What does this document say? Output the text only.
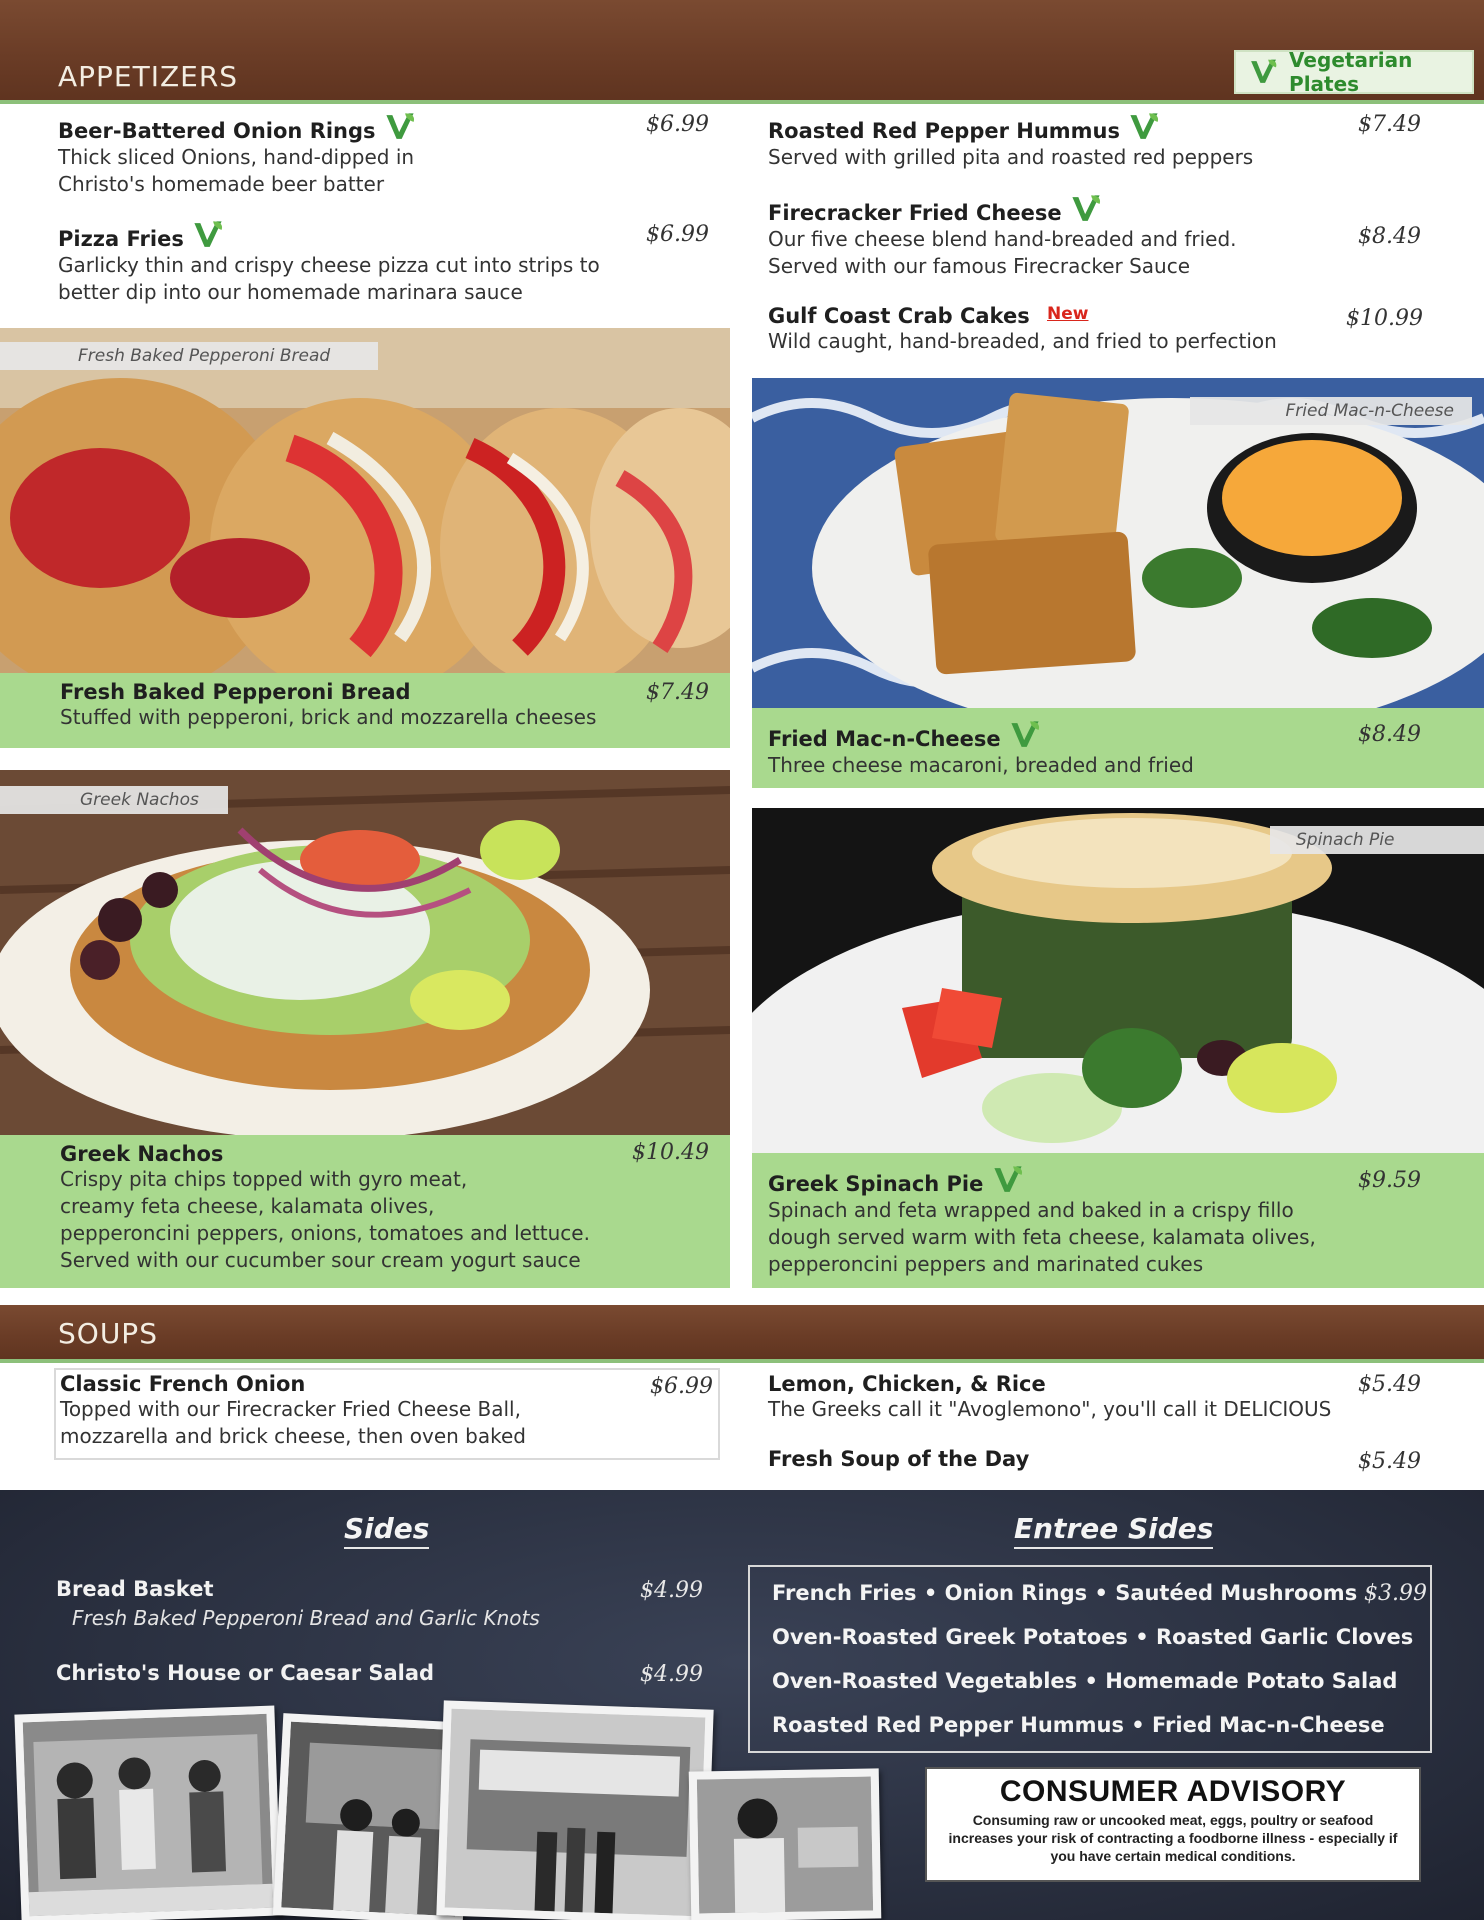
APPETIZERS	Vegetarian Plates
Beer-Battered Onion Rings
Thick sliced Onions, hand-dipped in Christo's homemade beer batter
$6.99
Pizza Fries
Garlicky thin and crispy cheese pizza cut into strips to better dip into our homemade marinara sauce
$6.99
Roasted Red Pepper Hummus
Served with grilled pita and roasted red peppers
$7.49
Firecracker Fried Cheese
Our five cheese blend hand-breaded and fried. Served with our famous Firecracker Sauce
$8.49
Gulf Coast Crab Cakes New
Wild caught, hand-breaded, and fried to perfection
$10.99
Fresh Baked Pepperoni Bread
Fresh Baked Pepperoni Bread
Stuffed with pepperoni, brick and mozzarella cheeses
$7.49
Fried Mac-n-Cheese
Fried Mac-n-Cheese
Three cheese macaroni, breaded and fried
$8.49
Greek Nachos
Greek Nachos
Crispy pita chips topped with gyro meat,
creamy feta cheese, kalamata olives,
pepperoncini peppers, onions, tomatoes and lettuce.
Served with our cucumber sour cream yogurt sauce
$10.49
Spinach Pie
Greek Spinach Pie
Spinach and feta wrapped and baked in a crispy fillo
dough served warm with feta cheese, kalamata olives,
pepperoncini peppers and marinated cukes
$9.59
SOUPS
Classic French Onion
Topped with our Firecracker Fried Cheese Ball,
mozzarella and brick cheese, then oven baked
$6.99	Lemon, Chicken, & Rice
The Greeks call it "Avoglemono", you'll call it DELICIOUS
$5.49
Fresh Soup of the Day	$5.49
Sides	Entree Sides
Bread Basket
Fresh Baked Pepperoni Bread and Garlic Knots
$4.99
Christo's House or Caesar Salad	$4.99
French Fries • Onion Rings • Sautéed Mushrooms
Oven-Roasted Greek Potatoes • Roasted Garlic Cloves
Oven-Roasted Vegetables • Homemade Potato Salad
Roasted Red Pepper Hummus • Fried Mac-n-Cheese
$3.99
CONSUMER ADVISORY
Consuming raw or uncooked meat, eggs, poultry or seafood increases your risk of contracting a foodborne illness - especially if you have certain medical conditions.
